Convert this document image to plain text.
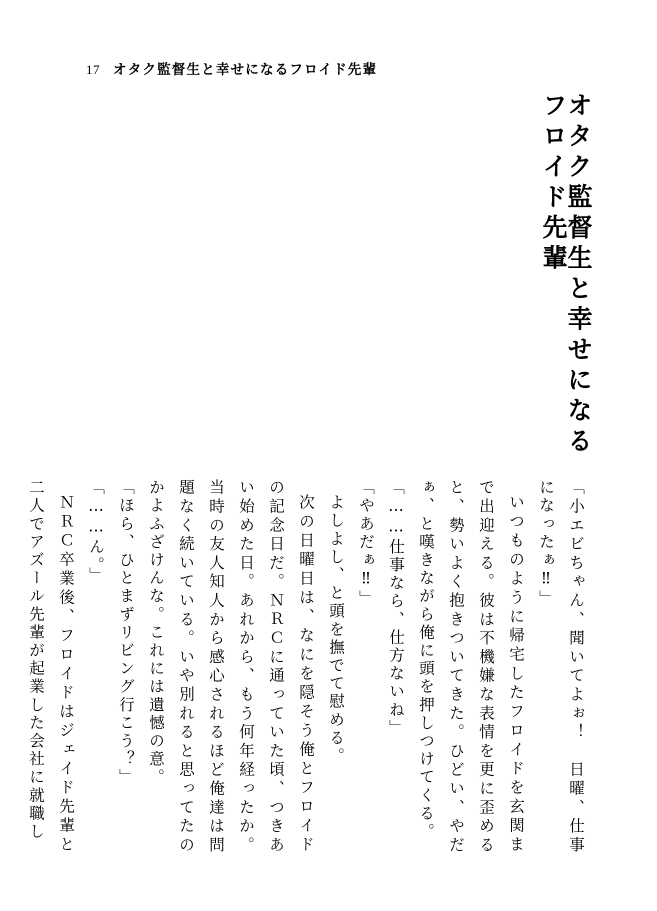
17 オタク監督生と幸せになるフロイド先輩
オタク監督生と幸せになるフロイド先輩

「小エビちゃん、聞いてよぉ！　日曜、仕事になったぁ‼」

いつものように帰宅したフロイドを玄関まで出迎える。彼は不機嫌な表情を更に歪めると、勢いよく抱きついてきた。ひどい、やだぁ、と嘆きながら俺に頭を押しつけてくる。

「……仕事なら、仕方ないね」

「やあだぁ‼」

よしよし、と頭を撫でて慰める。

次の日曜日は、なにを隠そう俺とフロイドの記念日だ。ＮＲＣに通っていた頃、つきあい始めた日。あれから、もう何年経ったか。当時の友人知人から感心されるほど俺達は問題なく続いている。いや別れると思ってたのかよふざけんな。これには遺憾の意。

「ほら、ひとまずリビング行こう？」

「……ん。」

ＮＲＣ卒業後、フロイドはジェイド先輩と二人でアズール先輩が起業した会社に就職し
